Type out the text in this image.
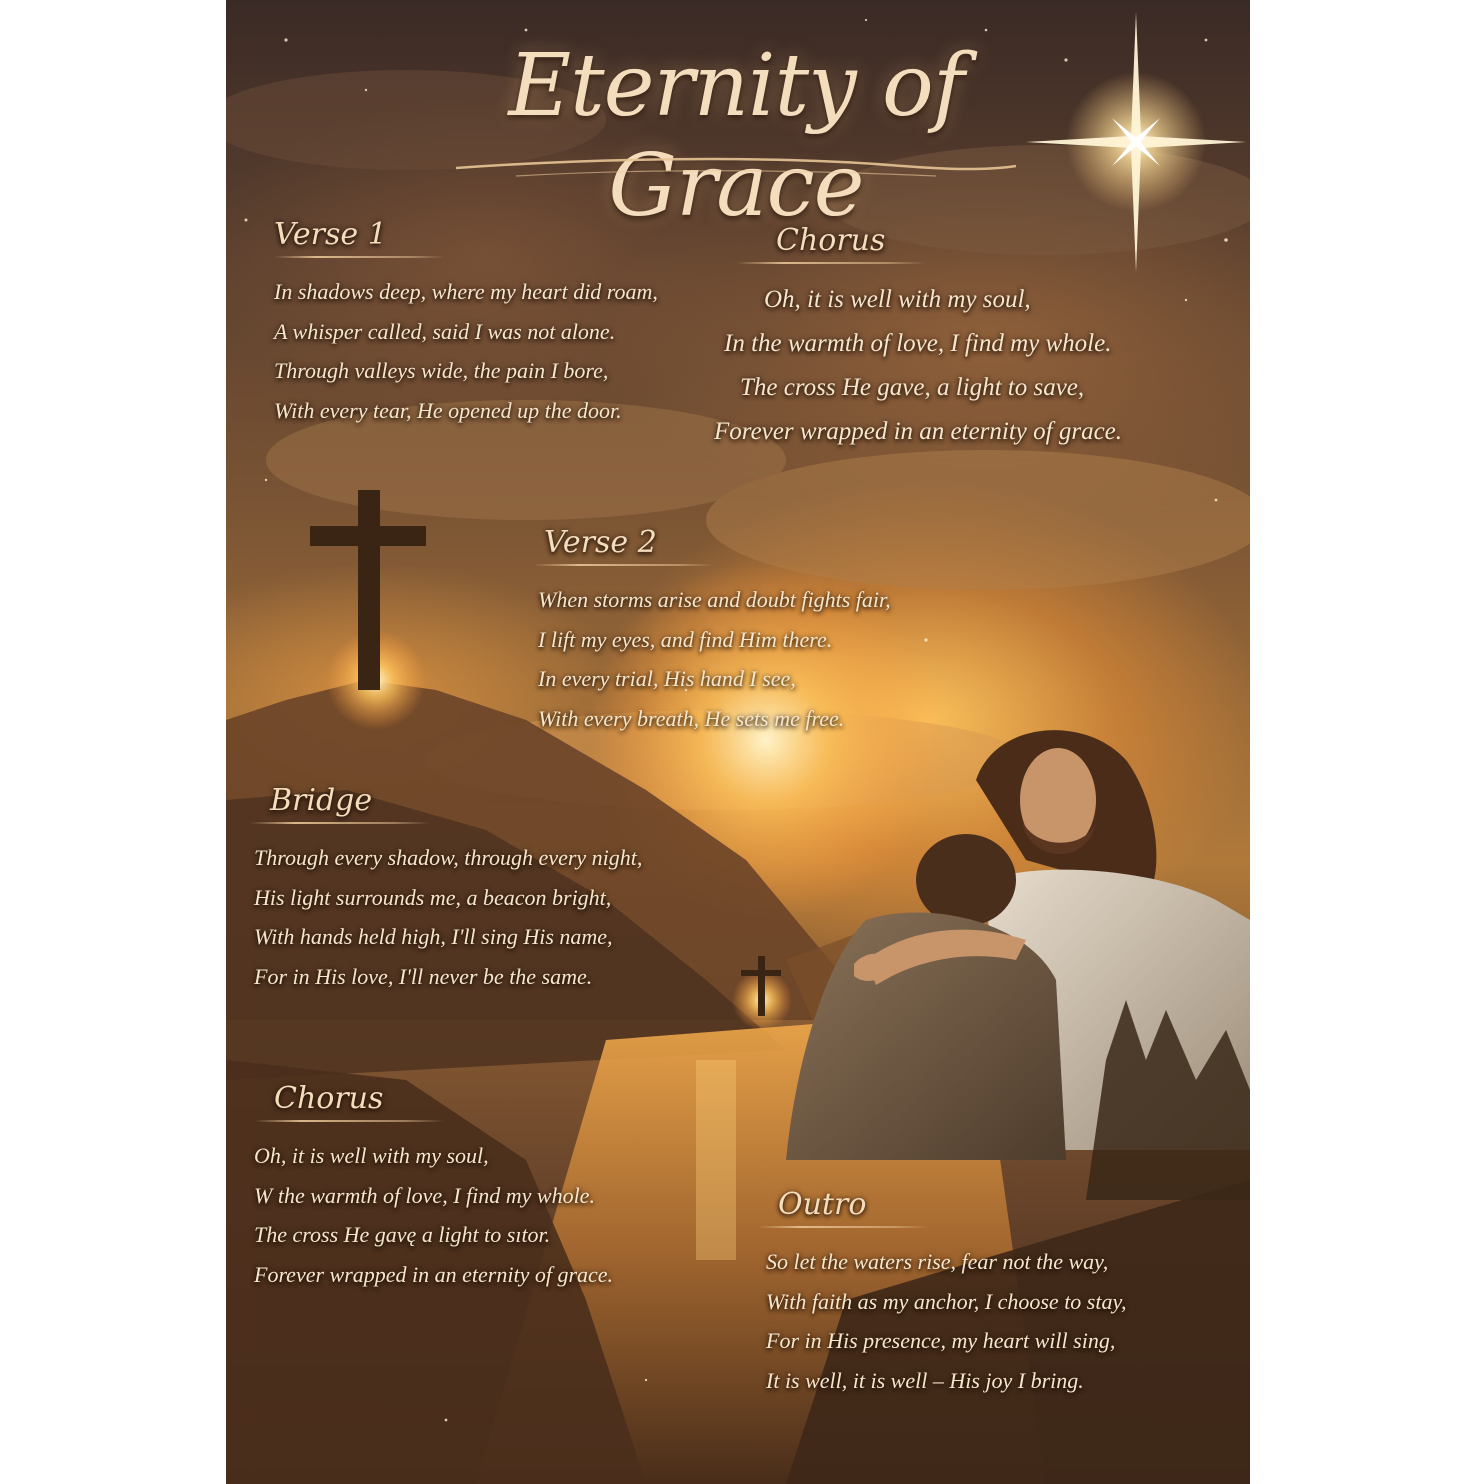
Eternity of Grace
Verse 1
In shadows deep, where my heart did roam,
A whisper called, said I was not alone.
Through valleys wide, the pain I bore,
With every tear, He opened up the door.
Chorus
Oh, it is well with my soul,
In the warmth of love, I find my whole.
The cross He gave, a light to save,
Forever wrapped in an eternity of grace.
Verse 2
When storms arise and doubt fights fair,
I lift my eyes, and find Him there.
In every trial, His hand I see,
With every breath, He sets me free.
Bridge
Through every shadow, through every night,
His light surrounds me, a beacon bright,
With hands held high, I'll sing His name,
For in His love, I'll never be the same.
Chorus
Oh, it is well with my soul,
W the warmth of love, I find my whole.
The cross He gavę a light to sıtor.
Forever wrapped in an eternity of grace.
Outro
So let the waters rise, fear not the way,
With faith as my anchor, I choose to stay,
For in His presence, my heart will sing,
It is well, it is well – His joy I bring.
